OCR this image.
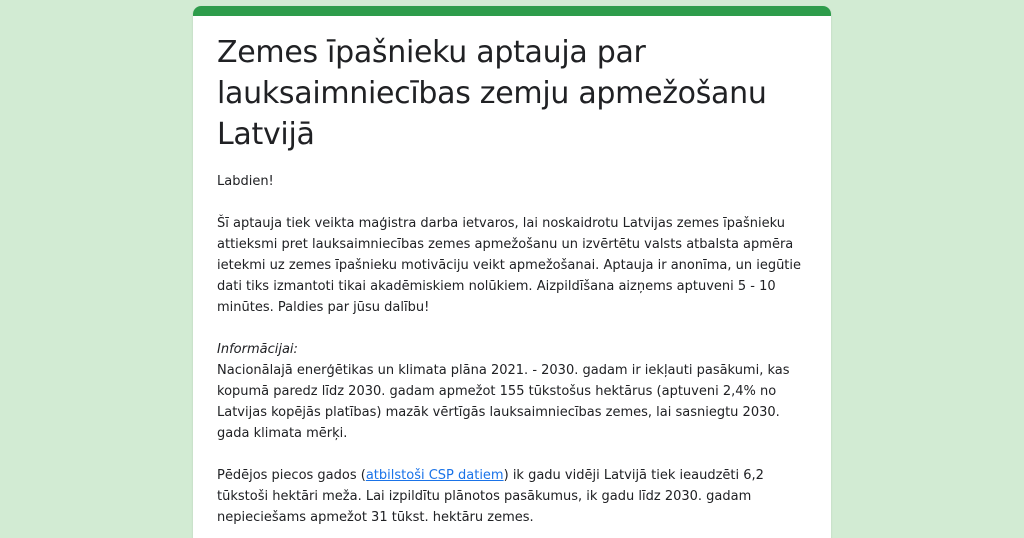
Zemes īpašnieku aptauja par lauksaimniecības zemju apmežošanu Latvijā

Labdien!

Šī aptauja tiek veikta maģistra darba ietvaros, lai noskaidrotu Latvijas zemes īpašnieku attieksmi pret lauksaimniecības zemes apmežošanu un izvērtētu valsts atbalsta apmēra ietekmi uz zemes īpašnieku motivāciju veikt apmežošanai. Aptauja ir anonīma, un iegūtie dati tiks izmantoti tikai akadēmiskiem nolūkiem. Aizpildīšana aizņems aptuveni 5 - 10 minūtes. Paldies par jūsu dalību!

Informācijai:
Nacionālajā enerģētikas un klimata plāna 2021. - 2030. gadam ir iekļauti pasākumi, kas kopumā paredz līdz 2030. gadam apmežot 155 tūkstošus hektārus (aptuveni 2,4% no Latvijas kopējās platības) mazāk vērtīgās lauksaimniecības zemes, lai sasniegtu 2030. gada klimata mērķi.

Pēdējos piecos gados (atbilstoši CSP datiem) ik gadu vidēji Latvijā tiek ieaudzēti 6,2 tūkstoši hektāri meža. Lai izpildītu plānotos pasākumus, ik gadu līdz 2030. gadam nepieciešams apmežot 31 tūkst. hektāru zemes.
